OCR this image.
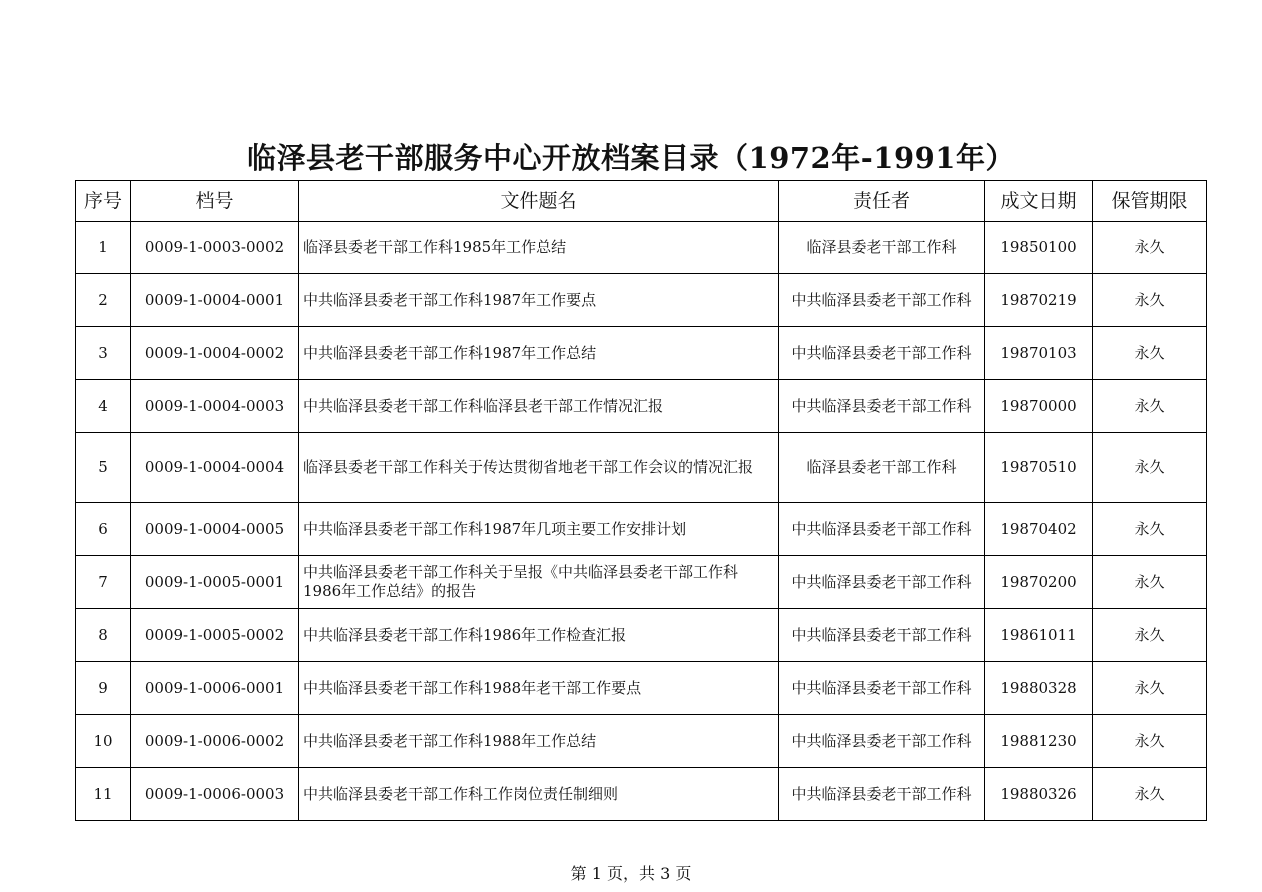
临泽县老干部服务中心开放档案目录（1972年-1991年）
序号	档号	文件题名	责任者	成文日期	保管期限
1	0009-1-0003-0002	临泽县委老干部工作科1985年工作总结	临泽县委老干部工作科	19850100	永久
2	0009-1-0004-0001	中共临泽县委老干部工作科1987年工作要点	中共临泽县委老干部工作科	19870219	永久
3	0009-1-0004-0002	中共临泽县委老干部工作科1987年工作总结	中共临泽县委老干部工作科	19870103	永久
4	0009-1-0004-0003	中共临泽县委老干部工作科临泽县老干部工作情况汇报	中共临泽县委老干部工作科	19870000	永久
5	0009-1-0004-0004	临泽县委老干部工作科关于传达贯彻省地老干部工作会议的情况汇报	临泽县委老干部工作科	19870510	永久
6	0009-1-0004-0005	中共临泽县委老干部工作科1987年几项主要工作安排计划	中共临泽县委老干部工作科	19870402	永久
7	0009-1-0005-0001	中共临泽县委老干部工作科关于呈报《中共临泽县委老干部工作科1986年工作总结》的报告	中共临泽县委老干部工作科	19870200	永久
8	0009-1-0005-0002	中共临泽县委老干部工作科1986年工作检查汇报	中共临泽县委老干部工作科	19861011	永久
9	0009-1-0006-0001	中共临泽县委老干部工作科1988年老干部工作要点	中共临泽县委老干部工作科	19880328	永久
10	0009-1-0006-0002	中共临泽县委老干部工作科1988年工作总结	中共临泽县委老干部工作科	19881230	永久
11	0009-1-0006-0003	中共临泽县委老干部工作科工作岗位责任制细则	中共临泽县委老干部工作科	19880326	永久
第 1 页，共 3 页
